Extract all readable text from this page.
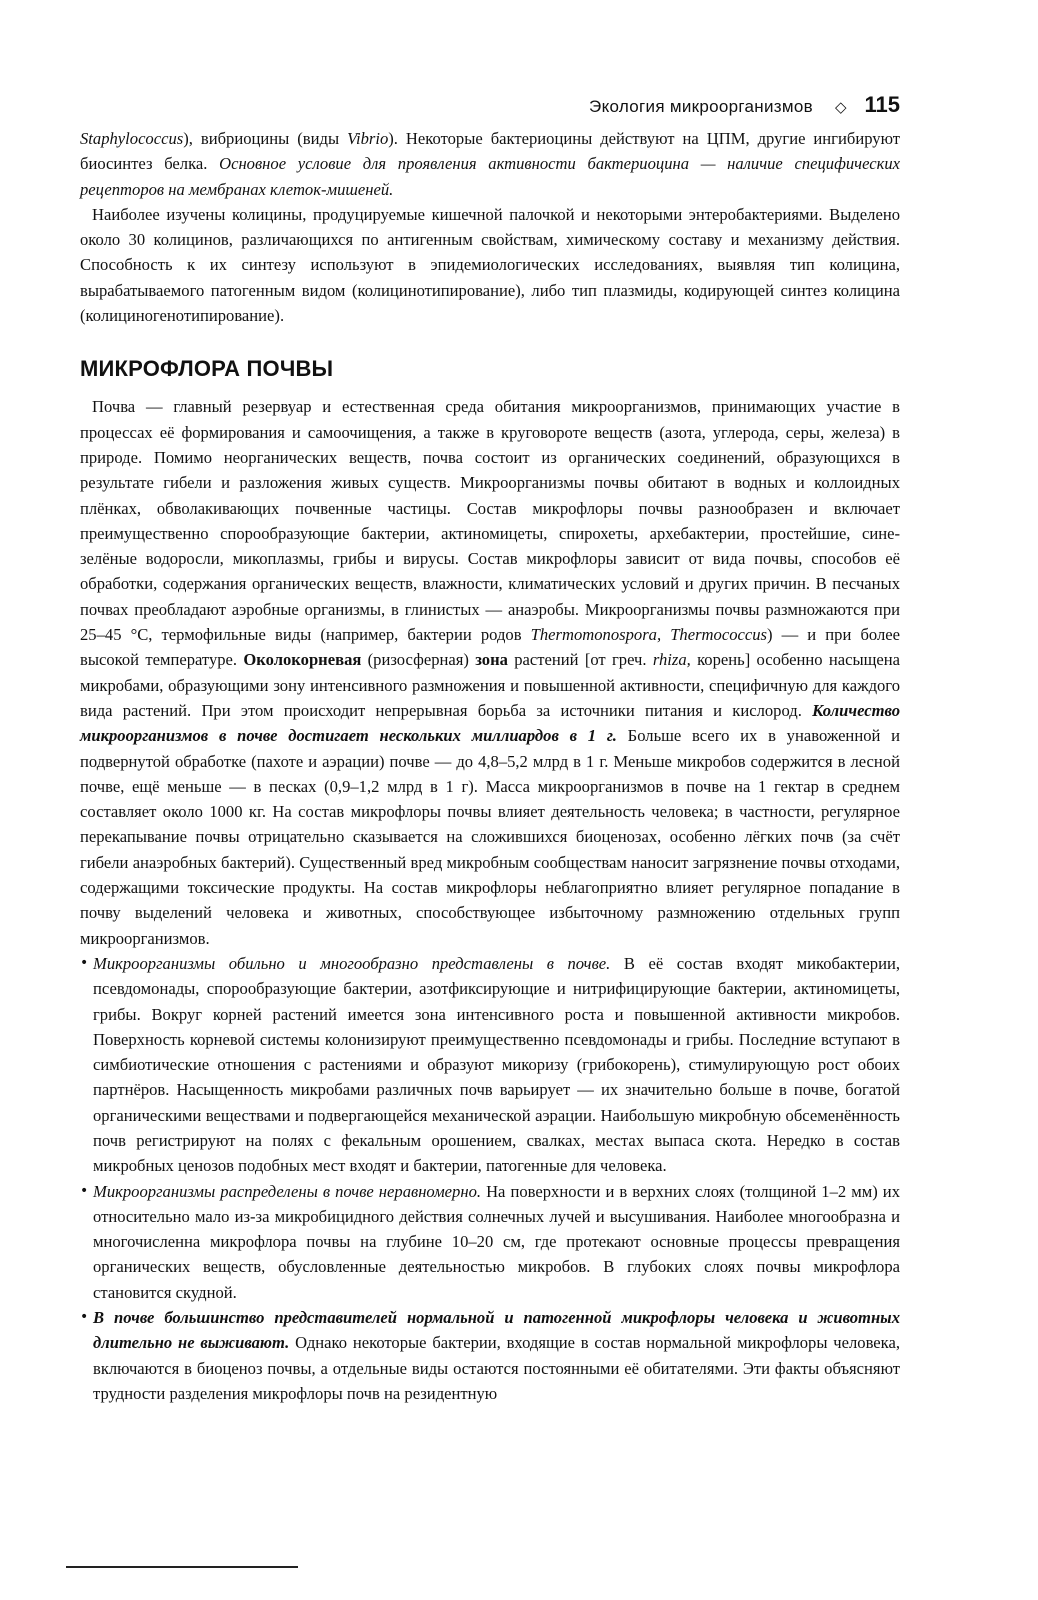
Экология микроорганизмов ◇ 115

Staphylococcus), вибриоцины (виды Vibrio). Некоторые бактериоцины действуют на ЦПМ, другие ингибируют биосинтез белка. Основное условие для проявления активности бактериоцина — наличие специфических рецепторов на мембранах клеток-мишеней.

Наиболее изучены колицины, продуцируемые кишечной палочкой и некоторыми энтеробактериями. Выделено около 30 колицинов, различающихся по антигенным свойствам, химическому составу и механизму действия. Способность к их синтезу используют в эпидемиологических исследованиях, выявляя тип колицина, вырабатываемого патогенным видом (колицинотипирование), либо тип плазмиды, кодирующей синтез колицина (колициногенотипирование).

МИКРОФЛОРА ПОЧВЫ

Почва — главный резервуар и естественная среда обитания микроорганизмов, принимающих участие в процессах её формирования и самоочищения, а также в круговороте веществ (азота, углерода, серы, железа) в природе. Помимо неорганических веществ, почва состоит из органических соединений, образующихся в результате гибели и разложения живых существ. Микроорганизмы почвы обитают в водных и коллоидных плёнках, обволакивающих почвенные частицы. Состав микрофлоры почвы разнообразен и включает преимущественно спорообразующие бактерии, актиномицеты, спирохеты, архебактерии, простейшие, сине-зелёные водоросли, микоплазмы, грибы и вирусы. Состав микрофлоры зависит от вида почвы, способов её обработки, содержания органических веществ, влажности, климатических условий и других причин. В песчаных почвах преобладают аэробные организмы, в глинистых — анаэробы. Микроорганизмы почвы размножаются при 25–45 °C, термофильные виды (например, бактерии родов Thermomonospora, Thermococcus) — и при более высокой температуре. Околокорневая (ризосферная) зона растений [от греч. rhiza, корень] особенно насыщена микробами, образующими зону интенсивного размножения и повышенной активности, специфичную для каждого вида растений. При этом происходит непрерывная борьба за источники питания и кислород. Количество микроорганизмов в почве достигает нескольких миллиардов в 1 г. Больше всего их в унавоженной и подвернутой обработке (пахоте и аэрации) почве — до 4,8–5,2 млрд в 1 г. Меньше микробов содержится в лесной почве, ещё меньше — в песках (0,9–1,2 млрд в 1 г). Масса микроорганизмов в почве на 1 гектар в среднем составляет около 1000 кг. На состав микрофлоры почвы влияет деятельность человека; в частности, регулярное перекапывание почвы отрицательно сказывается на сложившихся биоценозах, особенно лёгких почв (за счёт гибели анаэробных бактерий). Существенный вред микробным сообществам наносит загрязнение почвы отходами, содержащими токсические продукты. На состав микрофлоры неблагоприятно влияет регулярное попадание в почву выделений человека и животных, способствующее избыточному размножению отдельных групп микроорганизмов.

• Микроорганизмы обильно и многообразно представлены в почве. В её состав входят микобактерии, псевдомонады, спорообразующие бактерии, азотфиксирующие и нитрифицирующие бактерии, актиномицеты, грибы. Вокруг корней растений имеется зона интенсивного роста и повышенной активности микробов. Поверхность корневой системы колонизируют преимущественно псевдомонады и грибы. Последние вступают в симбиотические отношения с растениями и образуют микоризу (грибокорень), стимулирующую рост обоих партнёров. Насыщенность микробами различных почв варьирует — их значительно больше в почве, богатой органическими веществами и подвергающейся механической аэрации. Наибольшую микробную обсеменённость почв регистрируют на полях с фекальным орошением, свалках, местах выпаса скота. Нередко в состав микробных ценозов подобных мест входят и бактерии, патогенные для человека.
• Микроорганизмы распределены в почве неравномерно. На поверхности и в верхних слоях (толщиной 1–2 мм) их относительно мало из-за микробицидного действия солнечных лучей и высушивания. Наиболее многообразна и многочисленна микрофлора почвы на глубине 10–20 см, где протекают основные процессы превращения органических веществ, обусловленные деятельностью микробов. В глубоких слоях почвы микрофлора становится скудной.
• В почве большинство представителей нормальной и патогенной микрофлоры человека и животных длительно не выживают. Однако некоторые бактерии, входящие в состав нормальной микрофлоры человека, включаются в биоценоз почвы, а отдельные виды остаются постоянными её обитателями. Эти факты объясняют трудности разделения микрофлоры почв на резидентную
